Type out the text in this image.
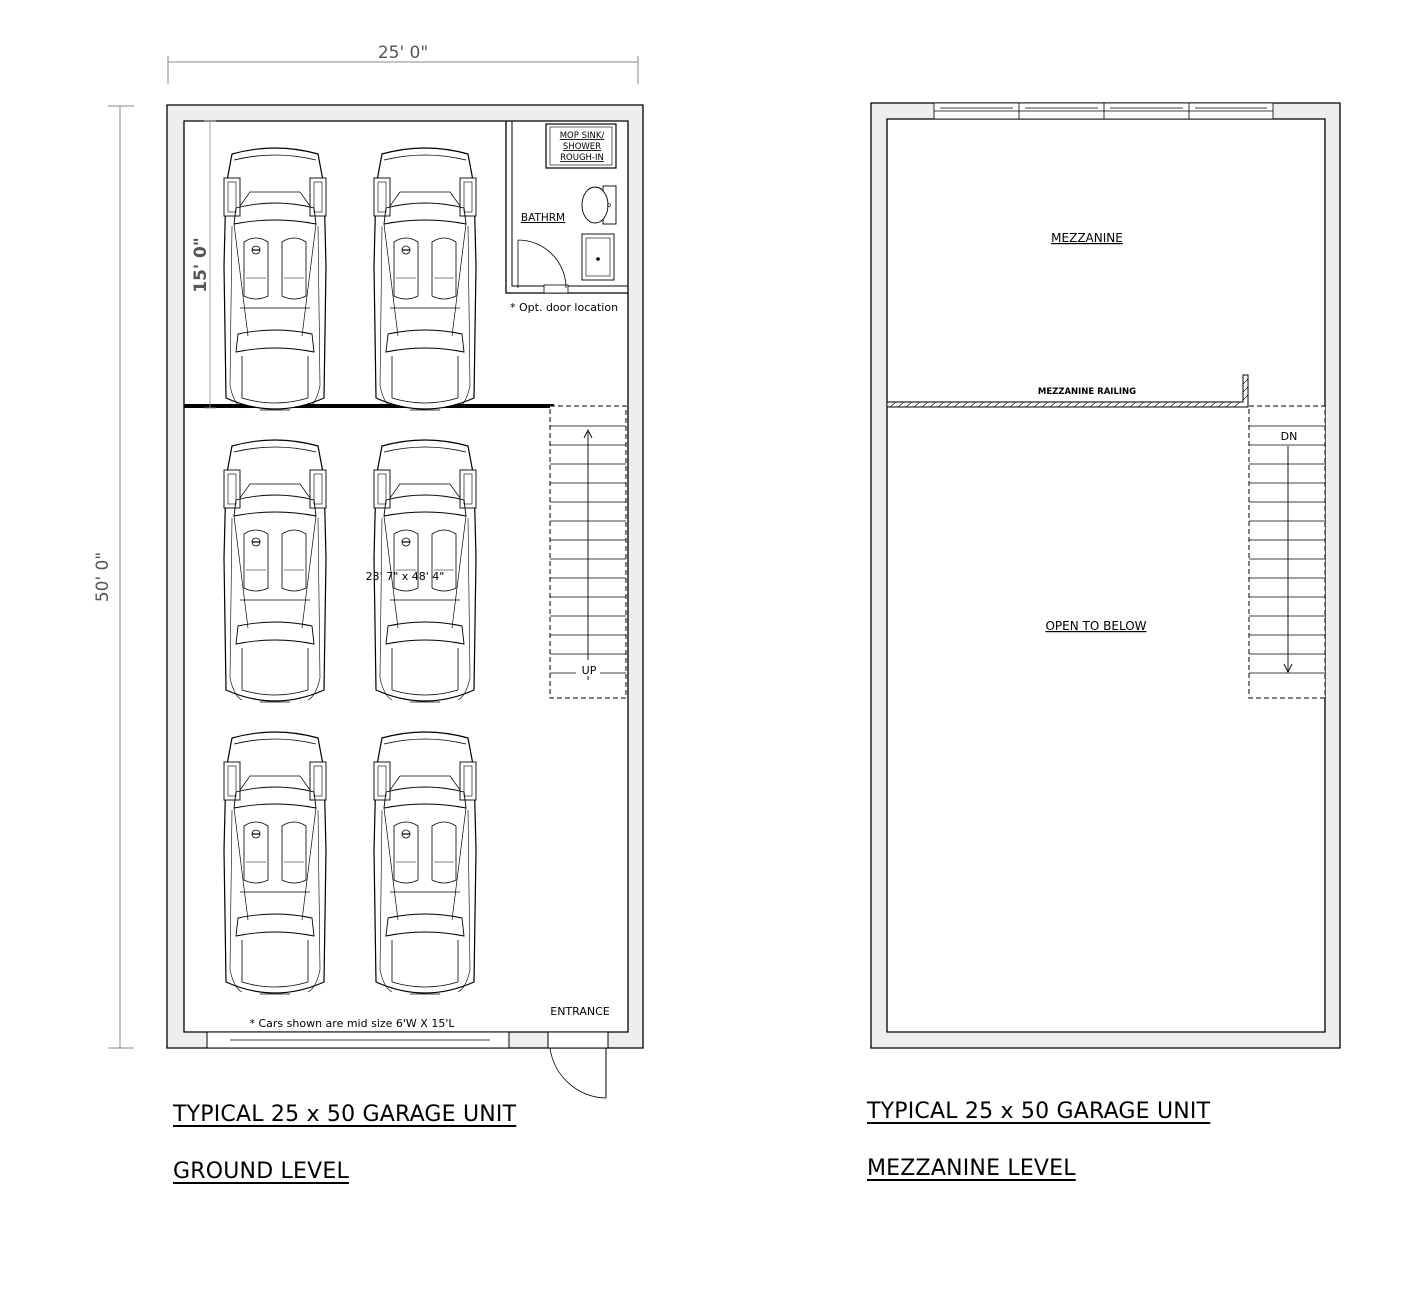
25' 0"
50' 0"
MOP SINK/
SHOWER
ROUGH-IN
BATHRM
* Opt. door location
15' 0"
UP
23' 7" x 48' 4"
ENTRANCE
* Cars shown are mid size 6'W X 15'L
MEZZANINE RAILING
DN
MEZZANINE
OPEN TO BELOW
TYPICAL 25 x 50 GARAGE UNIT
GROUND LEVEL
TYPICAL 25 x 50 GARAGE UNIT
MEZZANINE LEVEL
